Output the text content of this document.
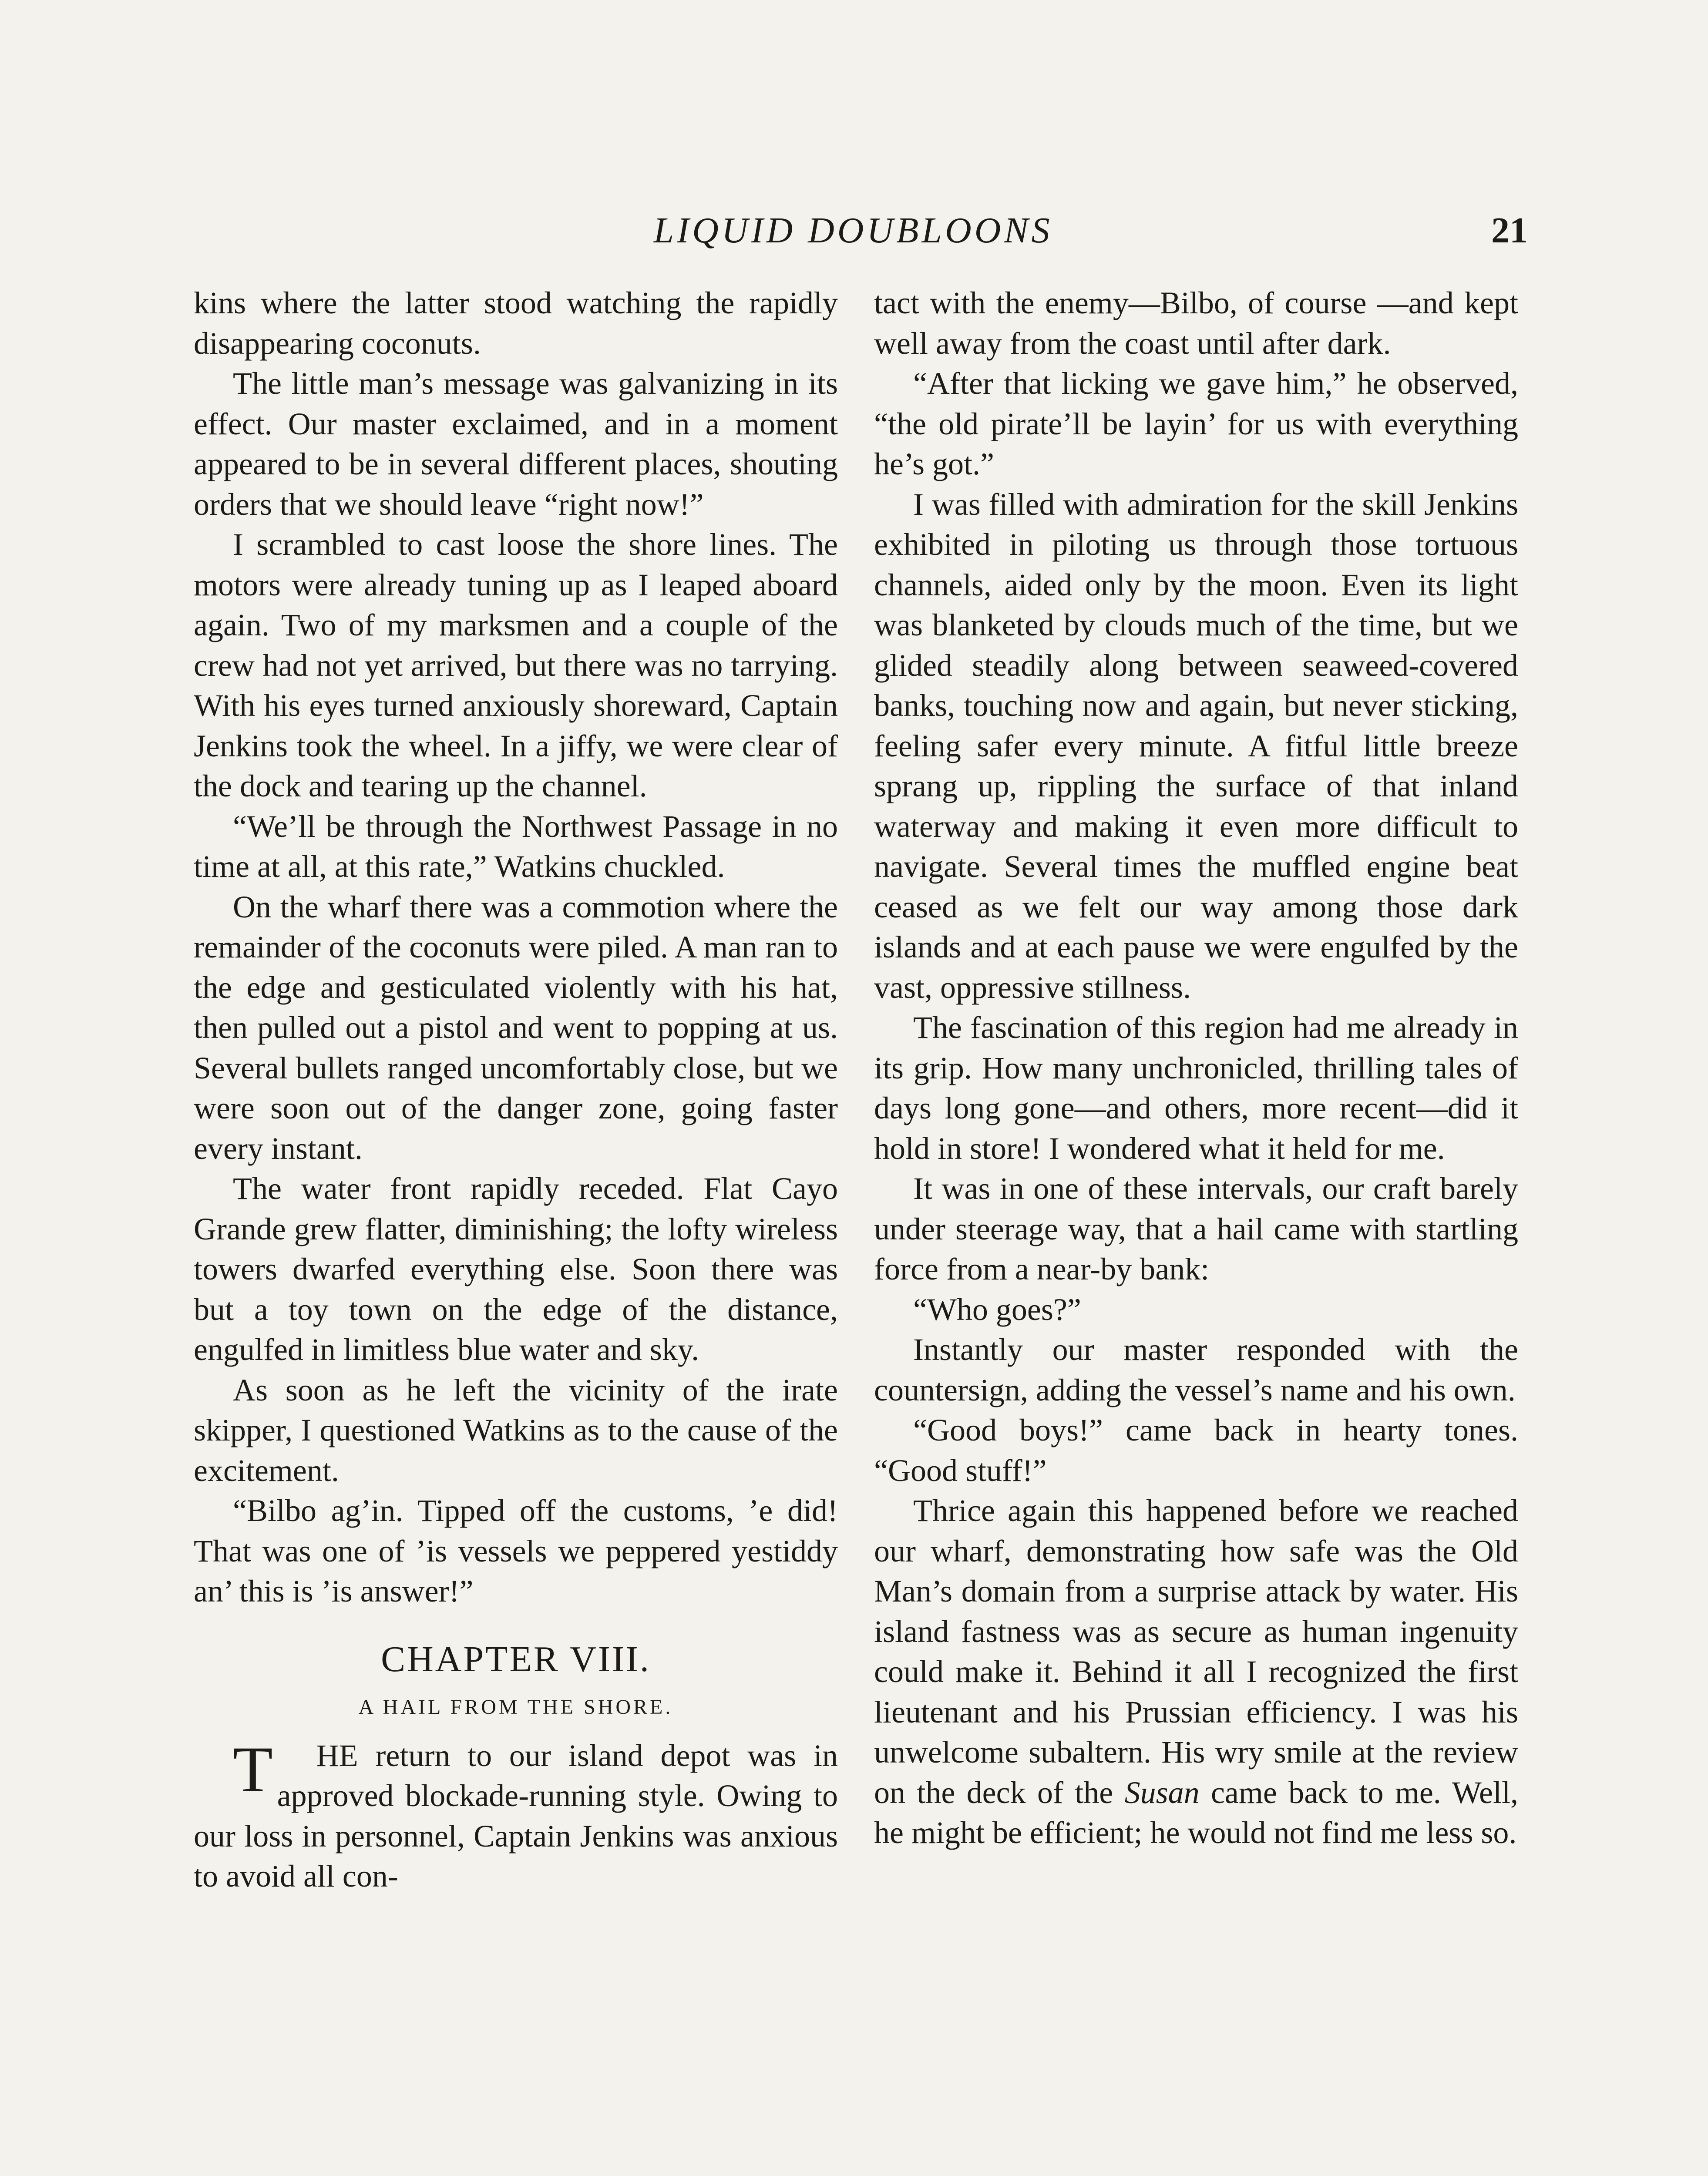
LIQUID DOUBLOONS	21

kins where the latter stood watching the rapidly disappearing coconuts.

The little man’s message was galvanizing in its effect. Our master exclaimed, and in a moment appeared to be in several different places, shouting orders that we should leave “right now!”

I scrambled to cast loose the shore lines. The motors were already tuning up as I leaped aboard again. Two of my marksmen and a couple of the crew had not yet arrived, but there was no tarrying. With his eyes turned anxiously shoreward, Captain Jenkins took the wheel. In a jiffy, we were clear of the dock and tearing up the channel.

“We’ll be through the Northwest Passage in no time at all, at this rate,” Watkins chuckled.

On the wharf there was a commotion where the remainder of the coconuts were piled. A man ran to the edge and gesticulated violently with his hat, then pulled out a pistol and went to popping at us. Several bullets ranged uncomfortably close, but we were soon out of the danger zone, going faster every instant.

The water front rapidly receded. Flat Cayo Grande grew flatter, diminishing; the lofty wireless towers dwarfed everything else. Soon there was but a toy town on the edge of the distance, engulfed in limitless blue water and sky.

As soon as he left the vicinity of the irate skipper, I questioned Watkins as to the cause of the excitement.

“Bilbo ag’in. Tipped off the customs, ’e did! That was one of ’is vessels we peppered yestiddy an’ this is ’is answer!”

CHAPTER VIII.
A HAIL FROM THE SHORE.

T HE return to our island depot was in approved blockade-running style. Owing to our loss in personnel, Captain Jenkins was anxious to avoid all con-

tact with the enemy—Bilbo, of course —and kept well away from the coast until after dark.

“After that licking we gave him,” he observed, “the old pirate’ll be layin’ for us with everything he’s got.”

I was filled with admiration for the skill Jenkins exhibited in piloting us through those tortuous channels, aided only by the moon. Even its light was blanketed by clouds much of the time, but we glided steadily along between seaweed-covered banks, touching now and again, but never sticking, feeling safer every minute. A fitful little breeze sprang up, rippling the surface of that inland waterway and making it even more difficult to navigate. Several times the muffled engine beat ceased as we felt our way among those dark islands and at each pause we were engulfed by the vast, oppressive stillness.

The fascination of this region had me already in its grip. How many unchronicled, thrilling tales of days long gone—and others, more recent—did it hold in store! I wondered what it held for me.

It was in one of these intervals, our craft barely under steerage way, that a hail came with startling force from a near-by bank:

“Who goes?”

Instantly our master responded with the countersign, adding the vessel’s name and his own.

“Good boys!” came back in hearty tones. “Good stuff!”

Thrice again this happened before we reached our wharf, demonstrating how safe was the Old Man’s domain from a surprise attack by water. His island fastness was as secure as human ingenuity could make it. Behind it all I recognized the first lieutenant and his Prussian efficiency. I was his unwelcome subaltern. His wry smile at the review on the deck of the Susan came back to me. Well, he might be efficient; he would not find me less so.
